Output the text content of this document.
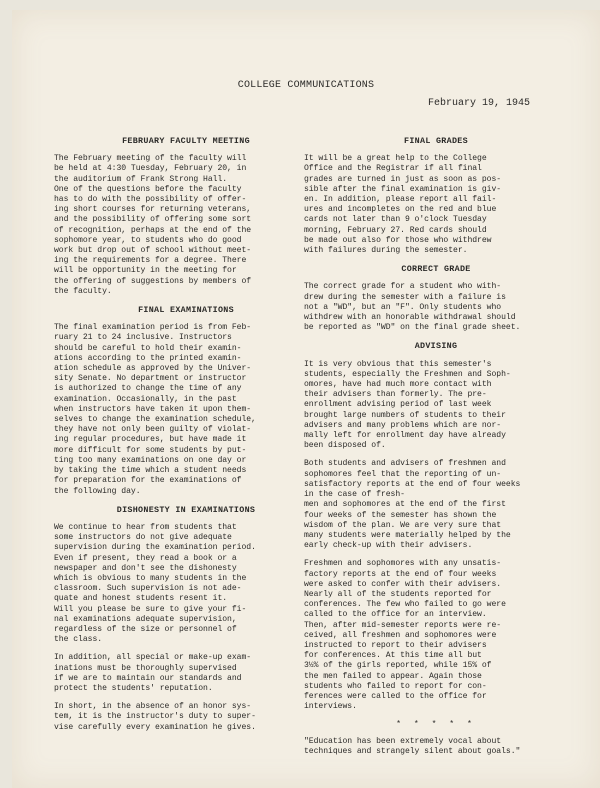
COLLEGE COMMUNICATIONS
February 19, 1945
FEBRUARY FACULTY MEETING

The February meeting of the faculty will
be held at 4:30 Tuesday, February 20, in
the auditorium of Frank Strong Hall.
One of the questions before the faculty
has to do with the possibility of offer-
ing short courses for returning veterans,
and the possibility of offering some sort
of recognition, perhaps at the end of the
sophomore year, to students who do good
work but drop out of school without meet-
ing the requirements for a degree. There
will be opportunity in the meeting for
the offering of suggestions by members of
the faculty.

FINAL EXAMINATIONS

The final examination period is from Feb-
ruary 21 to 24 inclusive. Instructors
should be careful to hold their examin-
ations according to the printed examin-
ation schedule as approved by the Univer-
sity Senate. No department or instructor
is authorized to change the time of any
examination. Occasionally, in the past
when instructors have taken it upon them-
selves to change the examination schedule,
they have not only been guilty of violat-
ing regular procedures, but have made it
more difficult for some students by put-
ting too many examinations on one day or
by taking the time which a student needs
for preparation for the examinations of
the following day.

DISHONESTY IN EXAMINATIONS

We continue to hear from students that
some instructors do not give adequate
supervision during the examination period.
Even if present, they read a book or a
newspaper and don't see the dishonesty
which is obvious to many students in the
classroom. Such supervision is not ade-
quate and honest students resent it.
Will you please be sure to give your fi-
nal examinations adequate supervision,
regardless of the size or personnel of
the class.

In addition, all special or make-up exam-
inations must be thoroughly supervised
if we are to maintain our standards and
protect the students' reputation.

In short, in the absence of an honor sys-
tem, it is the instructor's duty to super-
vise carefully every examination he gives.

FINAL GRADES

It will be a great help to the College
Office and the Registrar if all final
grades are turned in just as soon as pos-
sible after the final examination is giv-
en. In addition, please report all fail-
ures and incompletes on the red and blue
cards not later than 9 o'clock Tuesday
morning, February 27. Red cards should
be made out also for those who withdrew
with failures during the semester.

CORRECT GRADE

The correct grade for a student who with-
drew during the semester with a failure is
not a "WD", but an "F". Only students who
withdrew with an honorable withdrawal should
be reported as "WD" on the final grade sheet.

ADVISING

It is very obvious that this semester's
students, especially the Freshmen and Soph-
omores, have had much more contact with
their advisers than formerly. The pre-
enrollment advising period of last week
brought large numbers of students to their
advisers and many problems which are nor-
mally left for enrollment day have already
been disposed of.

Both students and advisers of freshmen and
sophomores feel that the reporting of un-
satisfactory reports at the end of four weeks
in the case of fresh-
men and sophomores at the end of the first
four weeks of the semester has shown the
wisdom of the plan. We are very sure that
many students were materially helped by the
early check-up with their advisers.

Freshmen and sophomores with any unsatis-
factory reports at the end of four weeks
were asked to confer with their advisers.
Nearly all of the students reported for
conferences. The few who failed to go were
called to the office for an interview.
Then, after mid-semester reports were re-
ceived, all freshmen and sophomores were
instructed to report to their advisers
for conferences. At this time all but
3½% of the girls reported, while 15% of
the men failed to appear. Again those
students who failed to report for con-
ferences were called to the office for
interviews.

* * * * *

"Education has been extremely vocal about
techniques and strangely silent about goals."
